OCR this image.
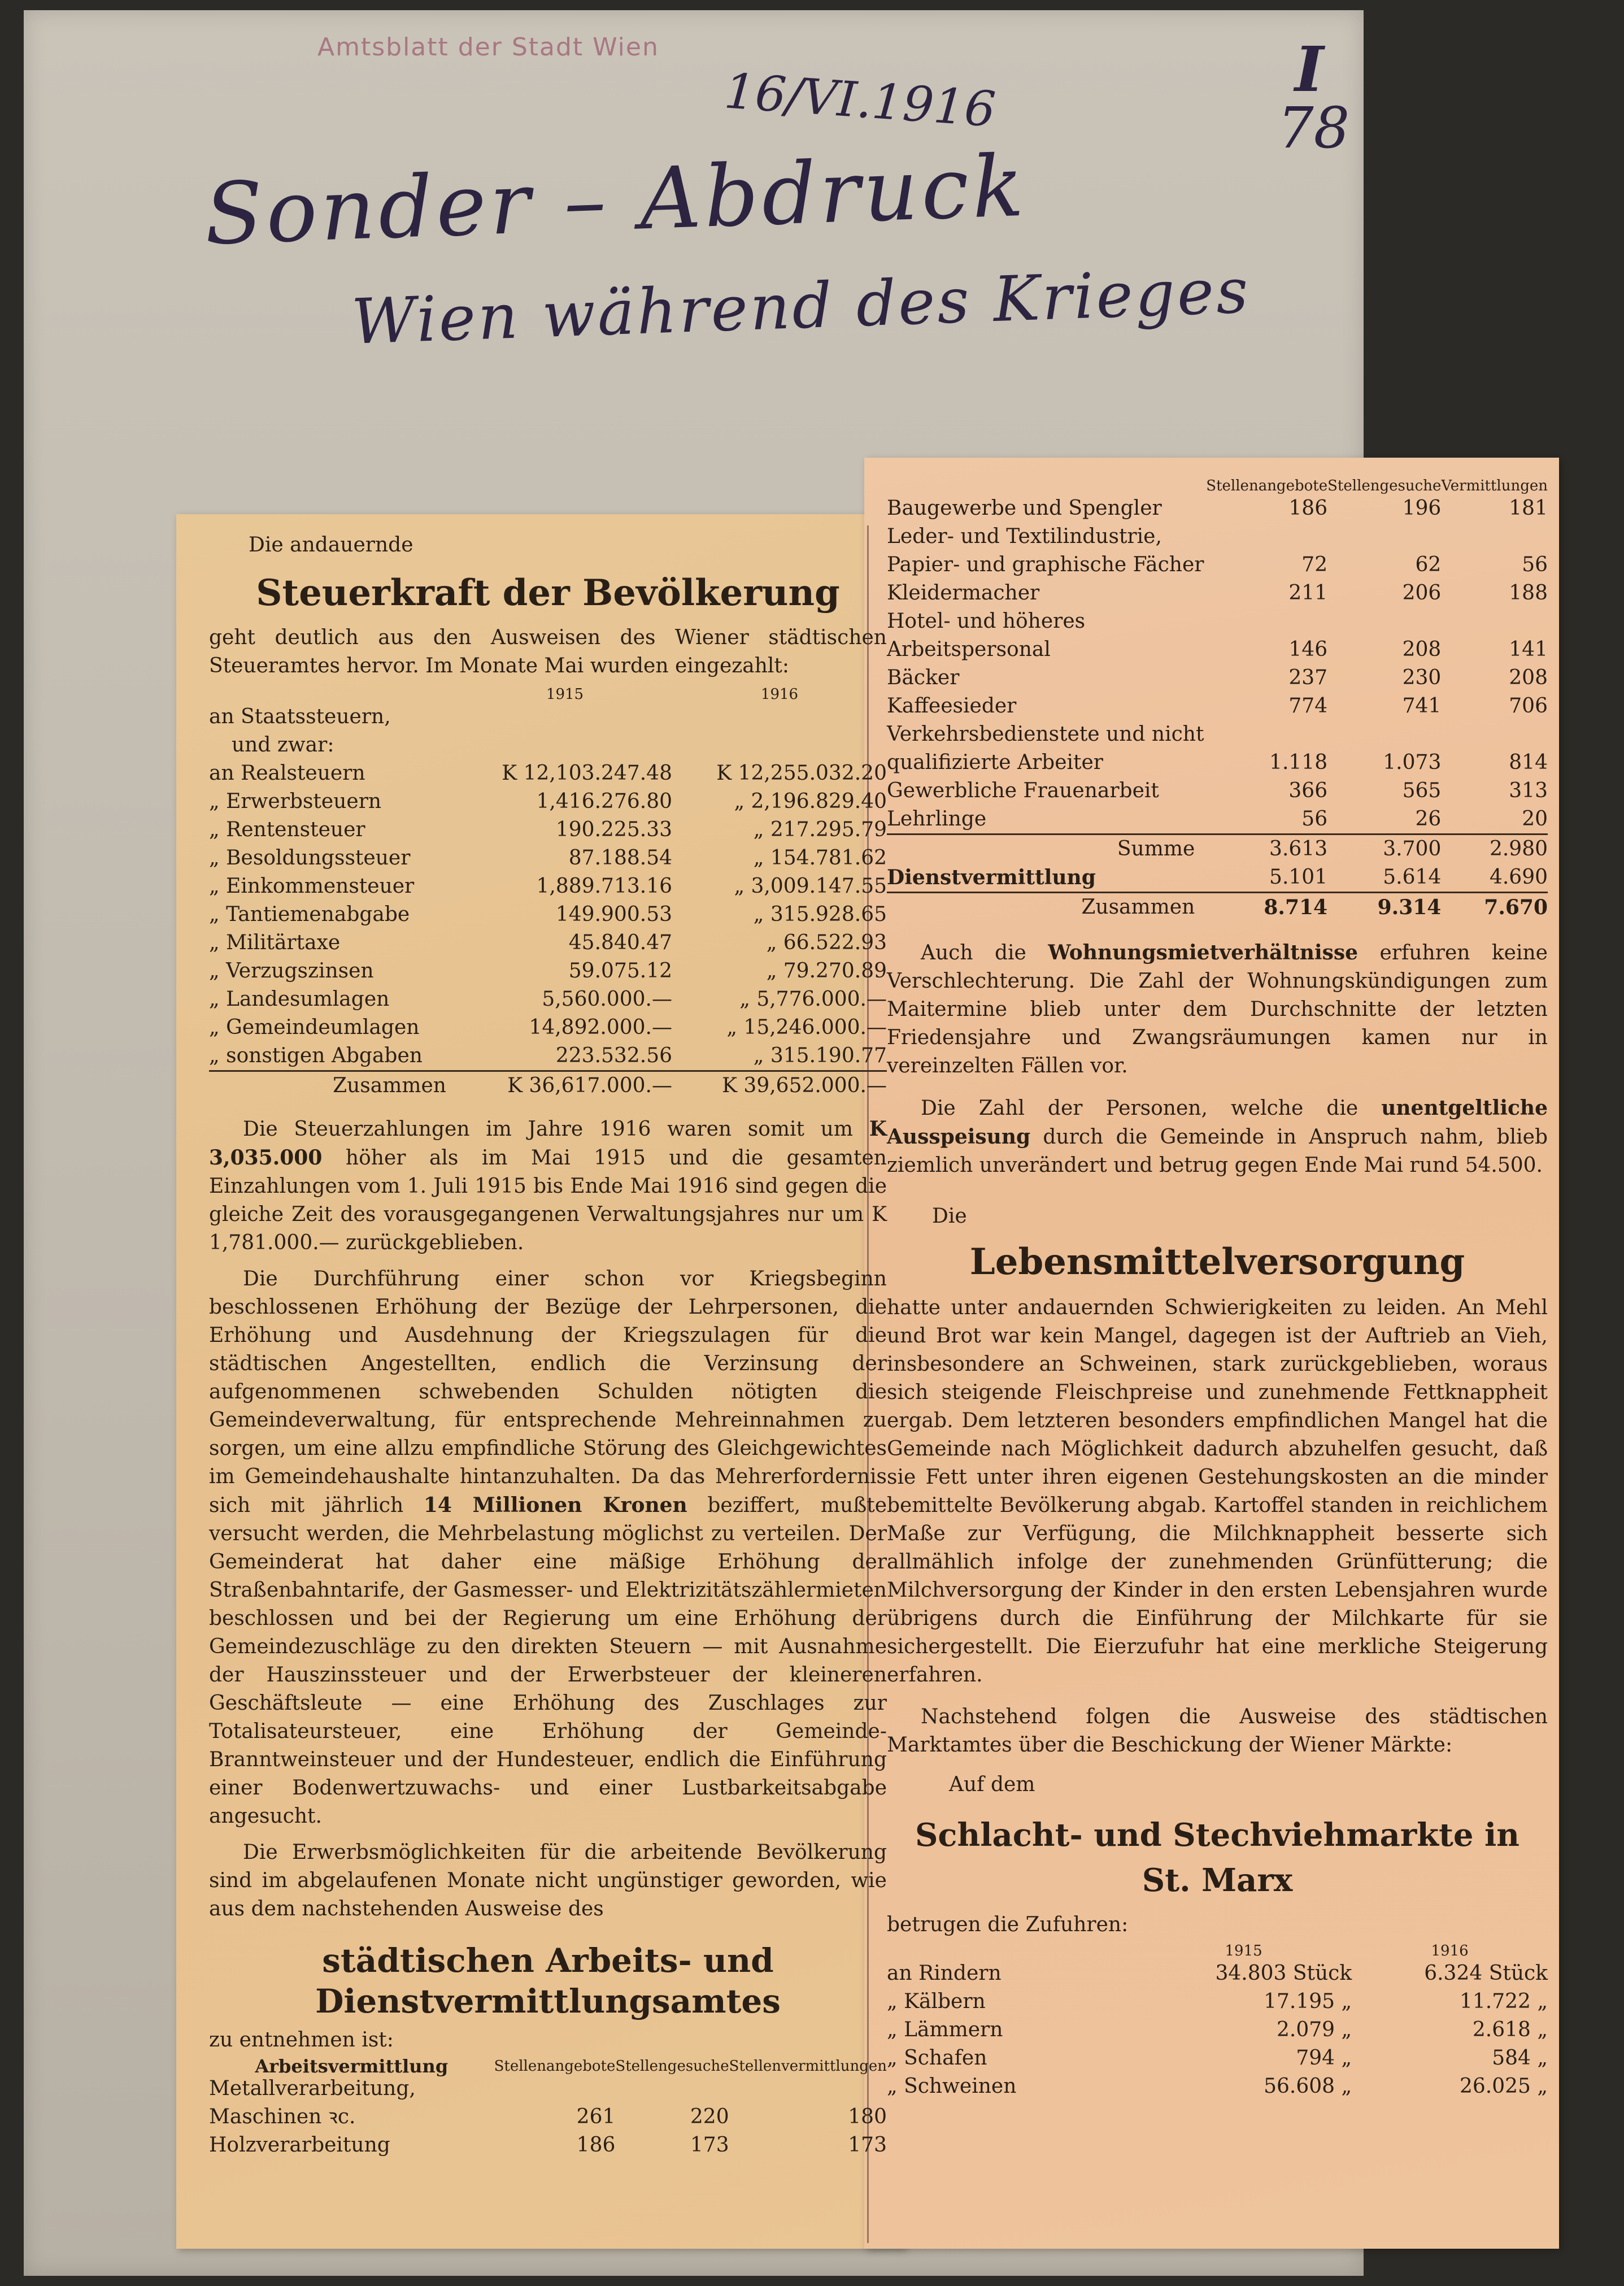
Amtsblatt der Stadt Wien
16/VI.1916	I
78
Sonder – Abdruck
Wien während des Krieges
Die andauernde
Steuerkraft der Bevölkerung

geht deutlich aus den Ausweisen des Wiener städtischen Steueramtes hervor. Im Monate Mai wurden eingezahlt:

	1915	1916
an Staatssteuern,		
und zwar:		
an Realsteuern	K 12,103.247.48	K 12,255.032.20
„ Erwerbsteuern	1,416.276.80	„ 2,196.829.40
„ Rentensteuer	190.225.33	„ 217.295.79
„ Besoldungssteuer	87.188.54	„ 154.781.62
„ Einkommensteuer	1,889.713.16	„ 3,009.147.55
„ Tantiemenabgabe	149.900.53	„ 315.928.65
„ Militärtaxe	45.840.47	„ 66.522.93
„ Verzugszinsen	59.075.12	„ 79.270.89
„ Landesumlagen	5,560.000.—	„ 5,776.000.—
„ Gemeindeumlagen	14,892.000.—	„ 15,246.000.—
„ sonstigen Abgaben	223.532.56	„ 315.190.77
Zusammen	K 36,617.000.—	K 39,652.000.—

Die Steuerzahlungen im Jahre 1916 waren somit um K 3,035.000 höher als im Mai 1915 und die gesamten Einzahlungen vom 1. Juli 1915 bis Ende Mai 1916 sind gegen die gleiche Zeit des vorausgegangenen Verwaltungsjahres nur um K 1,781.000.— zurückgeblieben.

Die Durchführung einer schon vor Kriegsbeginn beschlossenen Erhöhung der Bezüge der Lehrpersonen, die Erhöhung und Ausdehnung der Kriegszulagen für die städtischen Angestellten, endlich die Verzinsung der aufgenommenen schwebenden Schulden nötigten die Gemeindeverwaltung, für entsprechende Mehreinnahmen zu sorgen, um eine allzu empfindliche Störung des Gleichgewichtes im Gemeindehaushalte hintanzuhalten. Da das Mehrerfordernis sich mit jährlich 14 Millionen Kronen beziffert, mußte versucht werden, die Mehrbelastung möglichst zu verteilen. Der Gemeinderat hat daher eine mäßige Erhöhung der Straßenbahntarife, der Gasmesser- und Elektrizitätszählermieten beschlossen und bei der Regierung um eine Erhöhung der Gemeindezuschläge zu den direkten Steuern — mit Ausnahme der Hauszinssteuer und der Erwerbsteuer der kleineren Geschäftsleute — eine Erhöhung des Zuschlages zur Totalisateursteuer, eine Erhöhung der Gemeinde-Branntweinsteuer und der Hundesteuer, endlich die Einführung einer Bodenwertzuwachs- und einer Lustbarkeitsabgabe angesucht.

Die Erwerbsmöglichkeiten für die arbeitende Bevölkerung sind im abgelaufenen Monate nicht ungünstiger geworden, wie aus dem nachstehenden Ausweise des

städtischen Arbeits- und Dienstvermittlungsamtes
zu entnehmen ist:
Arbeitsvermittlung	Stellenangebote	Stellengesuche	Stellenvermittlungen
Metallverarbeitung, Maschinen ꝛc.	261	220	180
Holzverarbeitung	186	173	173
	Stellenangebote	Stellengesuche	Vermittlungen
Baugewerbe und Spengler	186	196	181
Leder- und Textilindustrie, Papier- und graphische Fächer	72	62	56
Kleidermacher	211	206	188
Hotel- und höheres Arbeitspersonal	146	208	141
Bäcker	237	230	208
Kaffeesieder	774	741	706
Verkehrsbedienstete und nicht qualifizierte Arbeiter	1.118	1.073	814
Gewerbliche Frauenarbeit	366	565	313
Lehrlinge	56	26	20
Summe	3.613	3.700	2.980
Dienstvermittlung	5.101	5.614	4.690
Zusammen	8.714	9.314	7.670

Auch die Wohnungsmietverhältnisse erfuhren keine Verschlechterung. Die Zahl der Wohnungskündigungen zum Maitermine blieb unter dem Durchschnitte der letzten Friedensjahre und Zwangsräumungen kamen nur in vereinzelten Fällen vor.

Die Zahl der Personen, welche die unentgeltliche Ausspeisung durch die Gemeinde in Anspruch nahm, blieb ziemlich unverändert und betrug gegen Ende Mai rund 54.500.

Die
Lebensmittelversorgung

hatte unter andauernden Schwierigkeiten zu leiden. An Mehl und Brot war kein Mangel, dagegen ist der Auftrieb an Vieh, insbesondere an Schweinen, stark zurückgeblieben, woraus sich steigende Fleischpreise und zunehmende Fettknappheit ergab. Dem letzteren besonders empfindlichen Mangel hat die Gemeinde nach Möglichkeit dadurch abzuhelfen gesucht, daß sie Fett unter ihren eigenen Gestehungskosten an die minder bemittelte Bevölkerung abgab. Kartoffel standen in reichlichem Maße zur Verfügung, die Milchknappheit besserte sich allmählich infolge der zunehmenden Grünfütterung; die Milchversorgung der Kinder in den ersten Lebensjahren wurde übrigens durch die Einführung der Milchkarte für sie sichergestellt. Die Eierzufuhr hat eine merkliche Steigerung erfahren.

Nachstehend folgen die Ausweise des städtischen Marktamtes über die Beschickung der Wiener Märkte:

Auf dem
Schlacht- und Stechviehmarkte in St. Marx
betrugen die Zufuhren:
	1915	1916
an Rindern	34.803 Stück	6.324 Stück
„ Kälbern	17.195 „	11.722 „
„ Lämmern	2.079 „	2.618 „
„ Schafen	794 „	584 „
„ Schweinen	56.608 „	26.025 „
